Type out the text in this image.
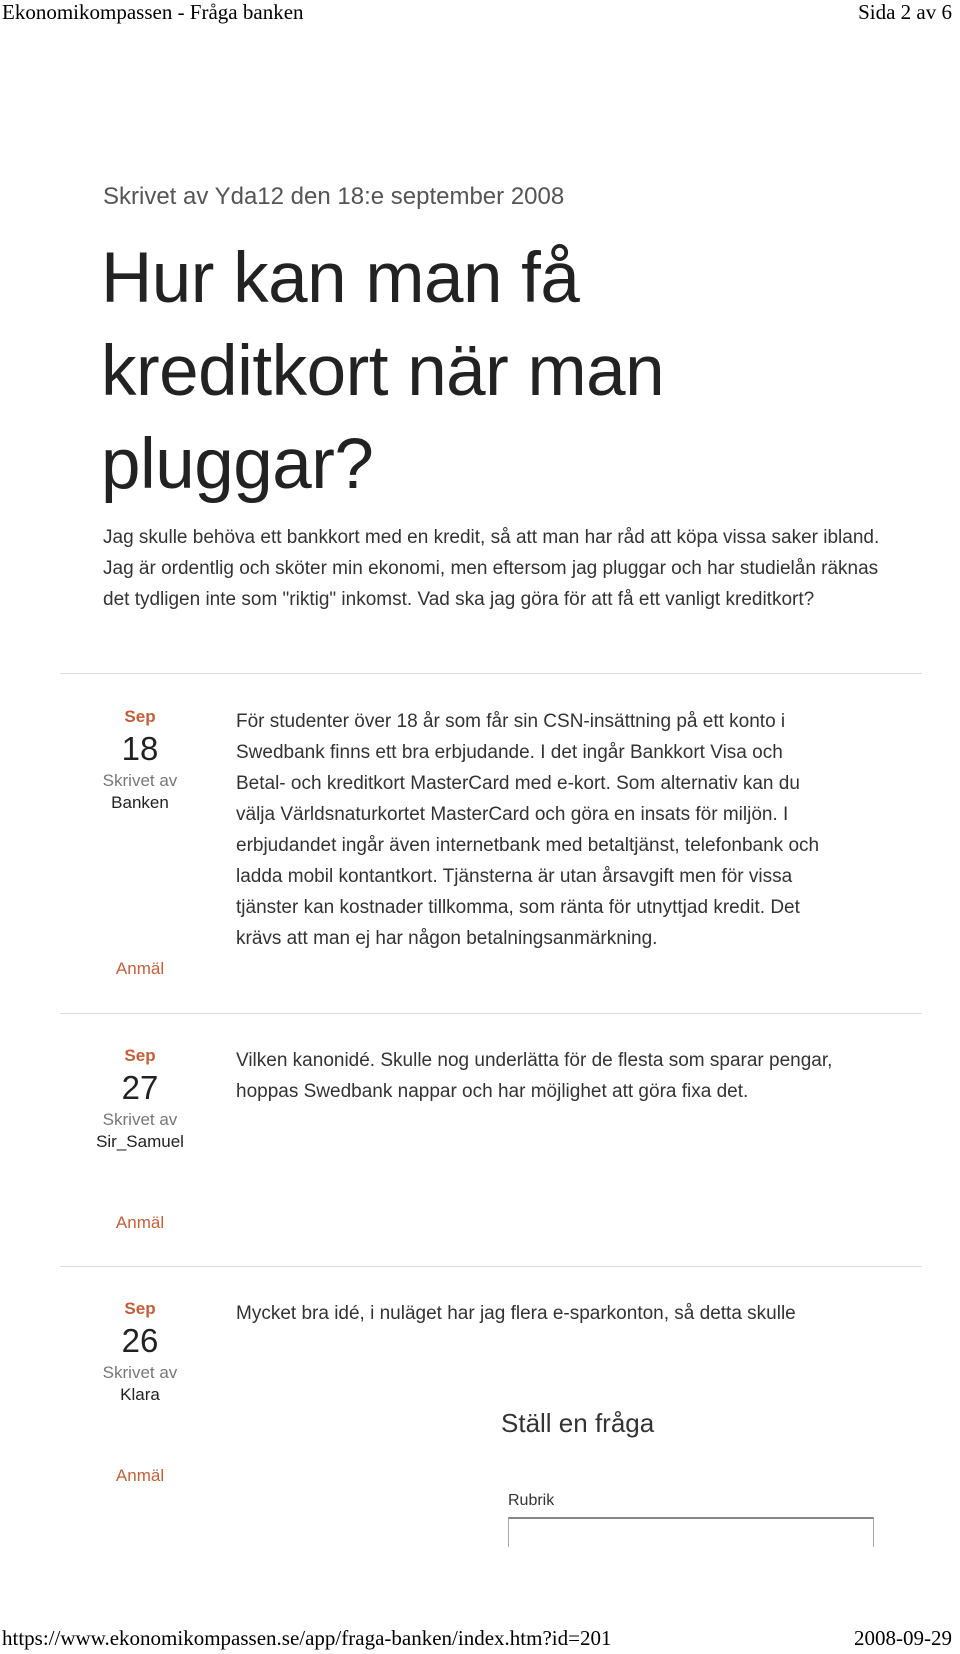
Ekonomikompassen - Fråga banken	Sida 2 av 6
Skrivet av Yda12 den 18:e september 2008
Hur kan man få kreditkort när man pluggar?

Jag skulle behöva ett bankkort med en kredit, så att man har råd att köpa vissa saker ibland. Jag är ordentlig och sköter min ekonomi, men eftersom jag pluggar och har studielån räknas det tydligen inte som "riktig" inkomst. Vad ska jag göra för att få ett vanligt kreditkort?

Sep
18
Skrivet av
Banken
Anmäl

För studenter över 18 år som får sin CSN-insättning på ett konto i Swedbank finns ett bra erbjudande. I det ingår Bankkort Visa och Betal- och kreditkort MasterCard med e-kort. Som alternativ kan du välja Världsnaturkortet MasterCard och göra en insats för miljön. I erbjudandet ingår även internetbank med betaltjänst, telefonbank och ladda mobil kontantkort. Tjänsterna är utan årsavgift men för vissa tjänster kan kostnader tillkomma, som ränta för utnyttjad kredit. Det krävs att man ej har någon betalningsanmärkning.

Sep
27
Skrivet av
Sir_Samuel
Anmäl

Vilken kanonidé. Skulle nog underlätta för de flesta som sparar pengar, hoppas Swedbank nappar och har möjlighet att göra fixa det.

Sep
26
Skrivet av
Klara
Anmäl

Mycket bra idé, i nuläget har jag flera e-sparkonton, så detta skulle

Ställ en fråga
Rubrik
https://www.ekonomikompassen.se/app/fraga-banken/index.htm?id=201	2008-09-29
